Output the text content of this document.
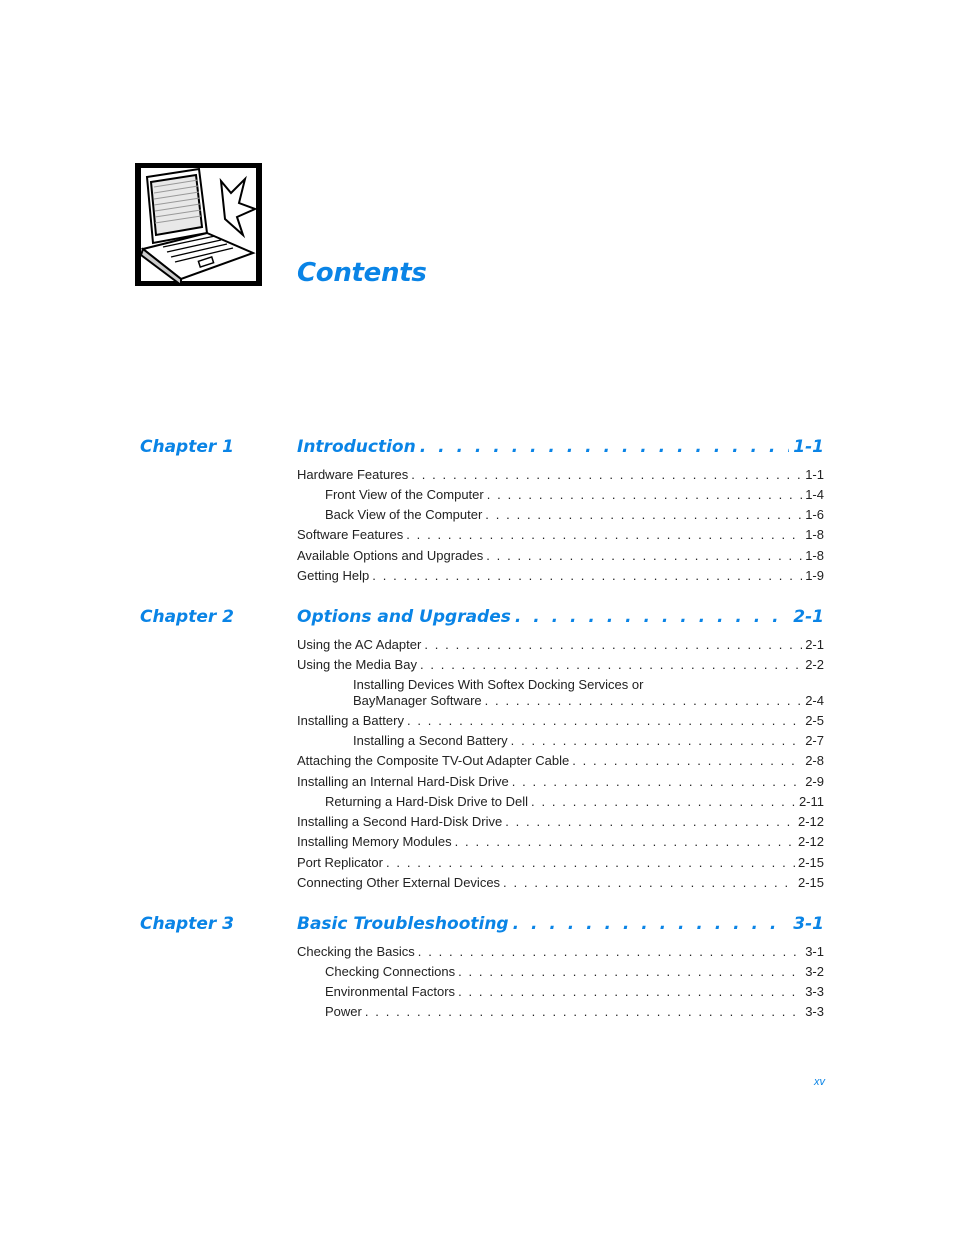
Contents
Chapter 1	Introduction . . .	1-1
Hardware Features . . .	1-1
Front View of the Computer . . .	1-4
Back View of the Computer . . .	1-6
Software Features . . .	1-8
Available Options and Upgrades . . .	1-8
Getting Help . . .	1-9
Chapter 2	Options and Upgrades . . .	2-1
Using the AC Adapter . . .	2-1
Using the Media Bay . . .	2-2
Installing Devices With Softex Docking Services or
BayManager Software . . .	2-4
Installing a Battery . . .	2-5
Installing a Second Battery . . .	2-7
Attaching the Composite TV-Out Adapter Cable . . .	2-8
Installing an Internal Hard-Disk Drive . . .	2-9
Returning a Hard-Disk Drive to Dell . . .	2-11
Installing a Second Hard-Disk Drive . . .	2-12
Installing Memory Modules . . .	2-12
Port Replicator . . .	2-15
Connecting Other External Devices . . .	2-15
Chapter 3	Basic Troubleshooting . . .	3-1
Checking the Basics . . .	3-1
Checking Connections . . .	3-2
Environmental Factors . . .	3-3
Power . . .	3-3
xv
